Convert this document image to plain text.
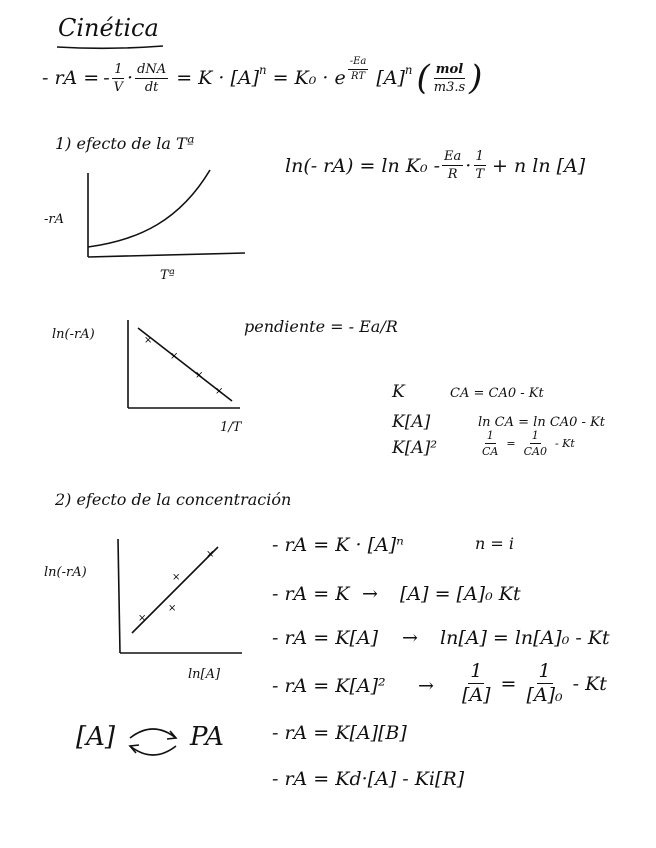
Cinética
- rA = - $\frac{1}{V} \cdot \frac{\text{dNA}}{dt} = K \cdot [A]^n = K_0 \cdot e \frac{-Ea}{RT} [A]^n$ ( $\frac{\text{mol}}{m3.s}$ )
1) efecto de la Tª
ln(- $rA) = \ln K_0 - \frac{Ea}{R} \cdot \frac{1}{T} + n$ ln [A]
-rA
Tª
ln(-rA)	×
×
×
×
1/T
pendiente = - Ea/R
K	CA = CA0 - Kt
K[A]	ln CA = ln CA0 - Kt
K[A]²	$\frac{1}{CA} = \frac{1}{CA0} - Kt$
2) efecto de la concentración
ln(-rA)
×
×
×
×
ln[A]
- rA = K · [A]ⁿ	n = i
- rA = K → [A] = [A]₀ Kt
- rA = K[A] → ln[A] = ln[A]₀ - Kt
- rA = $K[A]^2 \to \frac{1}{[A]} = \frac{1}{\text{[A]₀}} - Kt$
- rA = K[A][B]
- rA = Kd·[A] - Ki[R]
[A]	PA
